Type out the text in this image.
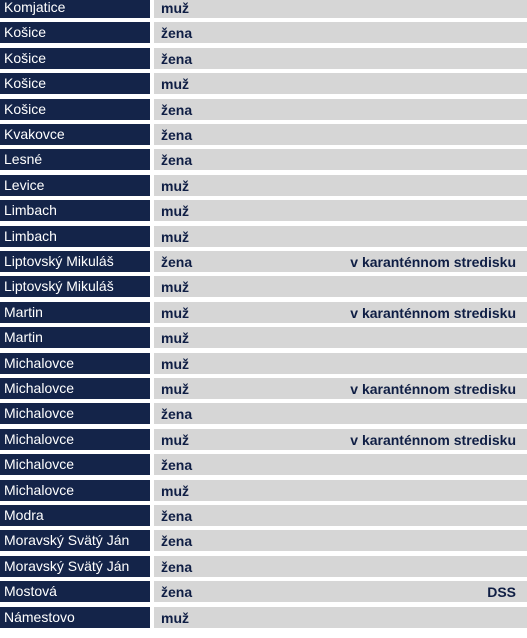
Komjatice	muž
Košice	žena
Košice	žena
Košice	muž
Košice	žena
Kvakovce	žena
Lesné	žena
Levice	muž
Limbach	muž
Limbach	muž
Liptovský Mikuláš	žena	v karanténnom stredisku
Liptovský Mikuláš	muž
Martin	muž	v karanténnom stredisku
Martin	muž
Michalovce	muž
Michalovce	muž	v karanténnom stredisku
Michalovce	žena
Michalovce	muž	v karanténnom stredisku
Michalovce	žena
Michalovce	muž
Modra	žena
Moravský Svätý Ján	žena
Moravský Svätý Ján	žena
Mostová	žena	DSS
Námestovo	muž
